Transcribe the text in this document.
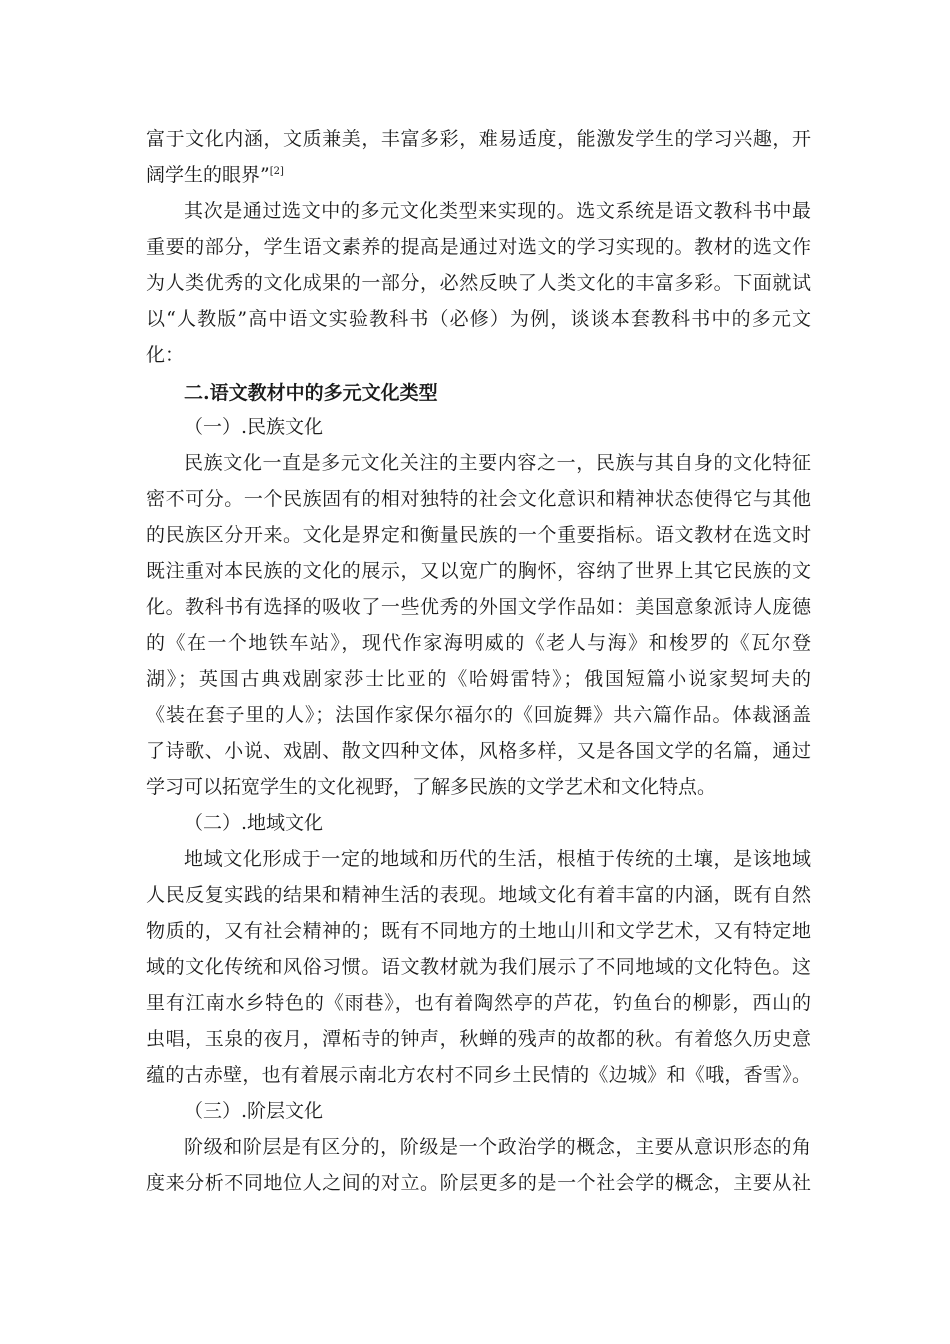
富于文化内涵，文质兼美，丰富多彩，难易适度，能激发学生的学习兴趣，开
阔学生的眼界”[2]
其次是通过选文中的多元文化类型来实现的。选文系统是语文教科书中最
重要的部分，学生语文素养的提高是通过对选文的学习实现的。教材的选文作
为人类优秀的文化成果的一部分，必然反映了人类文化的丰富多彩。下面就试
以“人教版”高中语文实验教科书（必修）为例，谈谈本套教科书中的多元文
化：
二.语文教材中的多元文化类型
（一）.民族文化
民族文化一直是多元文化关注的主要内容之一，民族与其自身的文化特征
密不可分。一个民族固有的相对独特的社会文化意识和精神状态使得它与其他
的民族区分开来。文化是界定和衡量民族的一个重要指标。语文教材在选文时
既注重对本民族的文化的展示，又以宽广的胸怀，容纳了世界上其它民族的文
化。教科书有选择的吸收了一些优秀的外国文学作品如：美国意象派诗人庞德
的《在一个地铁车站》，现代作家海明威的《老人与海》和梭罗的《瓦尔登
湖》；英国古典戏剧家莎士比亚的《哈姆雷特》；俄国短篇小说家契坷夫的
《装在套子里的人》；法国作家保尔福尔的《回旋舞》共六篇作品。体裁涵盖
了诗歌、小说、戏剧、散文四种文体，风格多样，又是各国文学的名篇，通过
学习可以拓宽学生的文化视野，了解多民族的文学艺术和文化特点。
（二）.地域文化
地域文化形成于一定的地域和历代的生活，根植于传统的土壤，是该地域
人民反复实践的结果和精神生活的表现。地域文化有着丰富的内涵，既有自然
物质的，又有社会精神的；既有不同地方的土地山川和文学艺术，又有特定地
域的文化传统和风俗习惯。语文教材就为我们展示了不同地域的文化特色。这
里有江南水乡特色的《雨巷》，也有着陶然亭的芦花，钓鱼台的柳影，西山的
虫唱，玉泉的夜月，潭柘寺的钟声，秋蝉的残声的故都的秋。有着悠久历史意
蕴的古赤壁，也有着展示南北方农村不同乡土民情的《边城》和《哦，香雪》。
（三）.阶层文化
阶级和阶层是有区分的，阶级是一个政治学的概念，主要从意识形态的角
度来分析不同地位人之间的对立。阶层更多的是一个社会学的概念，主要从社
